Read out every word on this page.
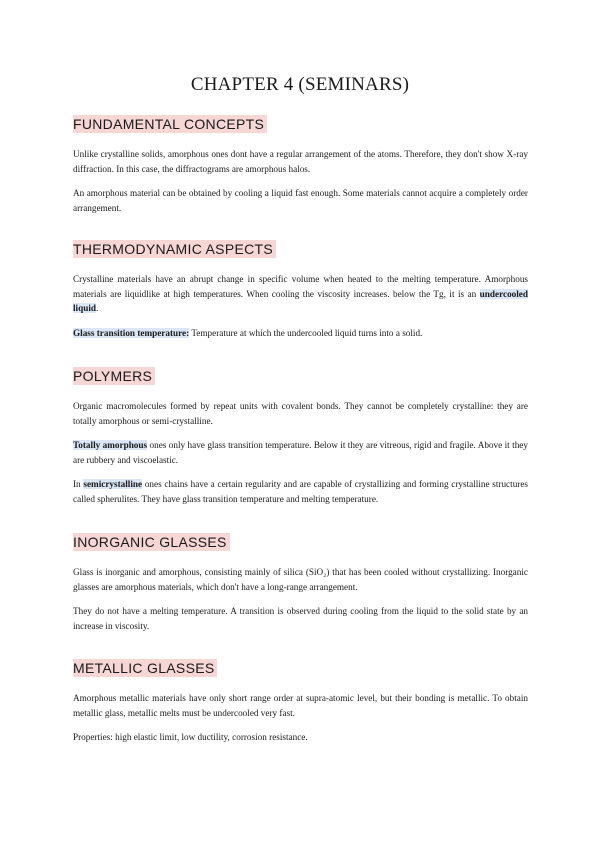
CHAPTER 4 (SEMINARS)
FUNDAMENTAL CONCEPTS

Unlike crystalline solids, amorphous ones dont have a regular arrangement of the atoms. Therefore, they don't show X-ray diffraction. In this case, the diffractograms are amorphous halos.

An amorphous material can be obtained by cooling a liquid fast enough. Some materials cannot acquire a completely order arrangement.

THERMODYNAMIC ASPECTS

Crystalline materials have an abrupt change in specific volume when heated to the melting temperature. Amorphous materials are liquidlike at high temperatures. When cooling the viscosity increases. below the Tg, it is an undercooled liquid.

Glass transition temperature: Temperature at which the undercooled liquid turns into a solid.

POLYMERS

Organic macromolecules formed by repeat units with covalent bonds. They cannot be completely crystalline: they are totally amorphous or semi-crystalline.

Totally amorphous ones only have glass transition temperature. Below it they are vitreous, rigid and fragile. Above it they are rubbery and viscoelastic.

In semicrystalline ones chains have a certain regularity and are capable of crystallizing and forming crystalline structures called spherulites. They have glass transition temperature and melting temperature.

INORGANIC GLASSES

Glass is inorganic and amorphous, consisting mainly of silica (SiO₂) that has been cooled without crystallizing. Inorganic glasses are amorphous materials, which don't have a long-range arrangement.

They do not have a melting temperature. A transition is observed during cooling from the liquid to the solid state by an increase in viscosity.

METALLIC GLASSES

Amorphous metallic materials have only short range order at supra-atomic level, but their bonding is metallic. To obtain metallic glass, metallic melts must be undercooled very fast.

Properties: high elastic limit, low ductility, corrosion resistance.
